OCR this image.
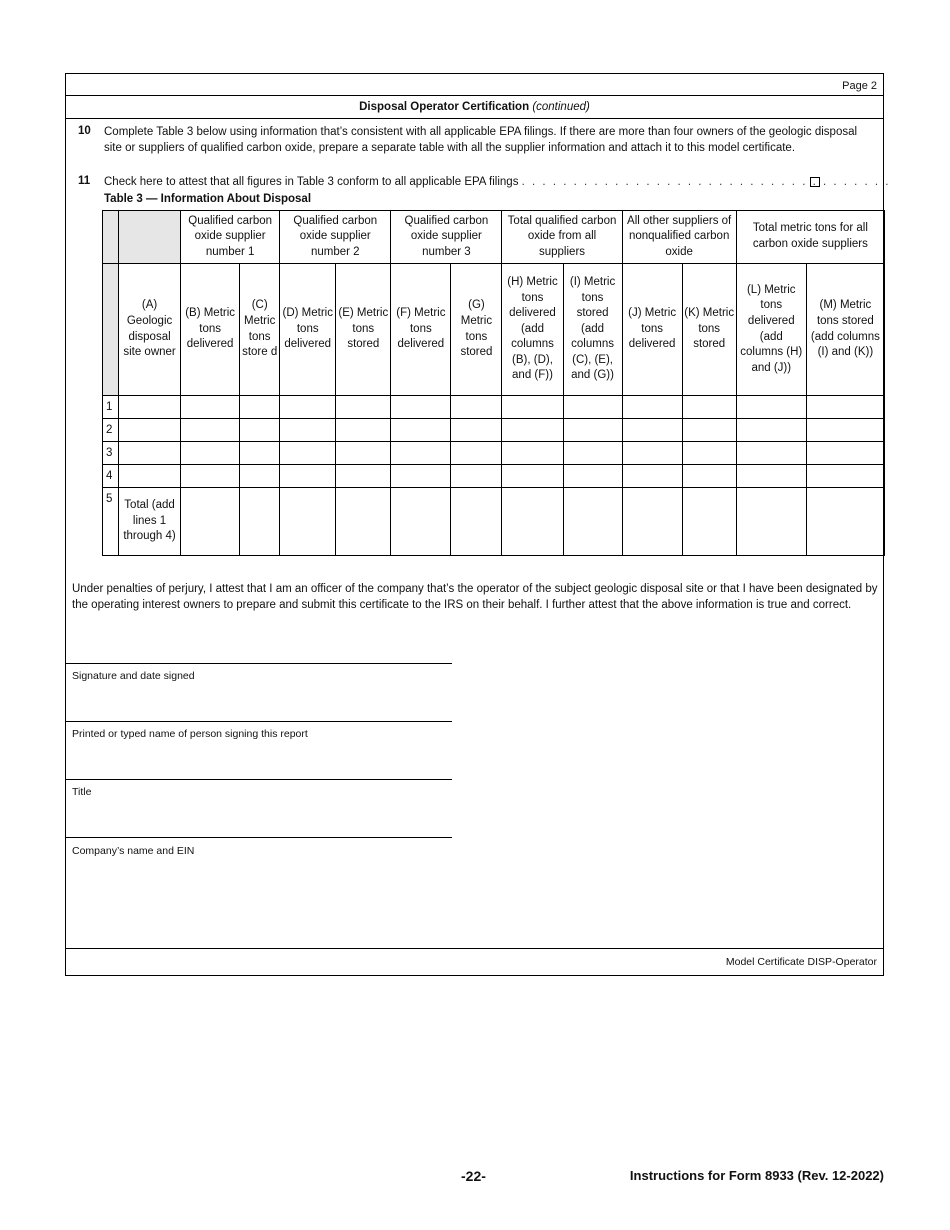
Page 2
Disposal Operator Certification (continued)
10 Complete Table 3 below using information that’s consistent with all applicable EPA filings. If there are more than four owners of the geologic disposal site or suppliers of qualified carbon oxide, prepare a separate table with all the supplier information and attach it to this model certificate.
11 Check here to attest that all figures in Table 3 conform to all applicable EPA filings . . . . . . . . . . . . . . . . . . . . . . . . . . . . . . . . . . . .
Table 3 — Information About Disposal
		Qualified carbon oxide supplier number 1		Qualified carbon oxide supplier number 2		Qualified carbon oxide supplier number 3		Total qualified carbon oxide from all suppliers		All other suppliers of nonqualified carbon oxide		Total metric tons for all carbon oxide suppliers	
	(A) Geologic disposal site owner	(B) Metric tons delivered	(C) Metric tons store d	(D) Metric tons delivered	(E) Metric tons stored	(F) Metric tons delivered	(G) Metric tons stored	(H) Metric tons delivered (add columns (B), (D), and (F))	(I) Metric tons stored (add columns (C), (E), and (G))	(J) Metric tons delivered	(K) Metric tons stored	(L) Metric tons delivered (add columns (H) and (J))	(M) Metric tons stored (add columns (I) and (K))
1													
2													
3													
4													
5	Total (add lines 1 through 4)												
Under penalties of perjury, I attest that I am an officer of the company that’s the operator of the subject geologic disposal site or that I have been designated by the operating interest owners to prepare and submit this certificate to the IRS on their behalf. I further attest that the above information is true and correct.
Signature and date signed
Printed or typed name of person signing this report
Title
Company’s name and EIN
Model Certificate DISP-Operator
-22-	Instructions for Form 8933 (Rev. 12-2022)
